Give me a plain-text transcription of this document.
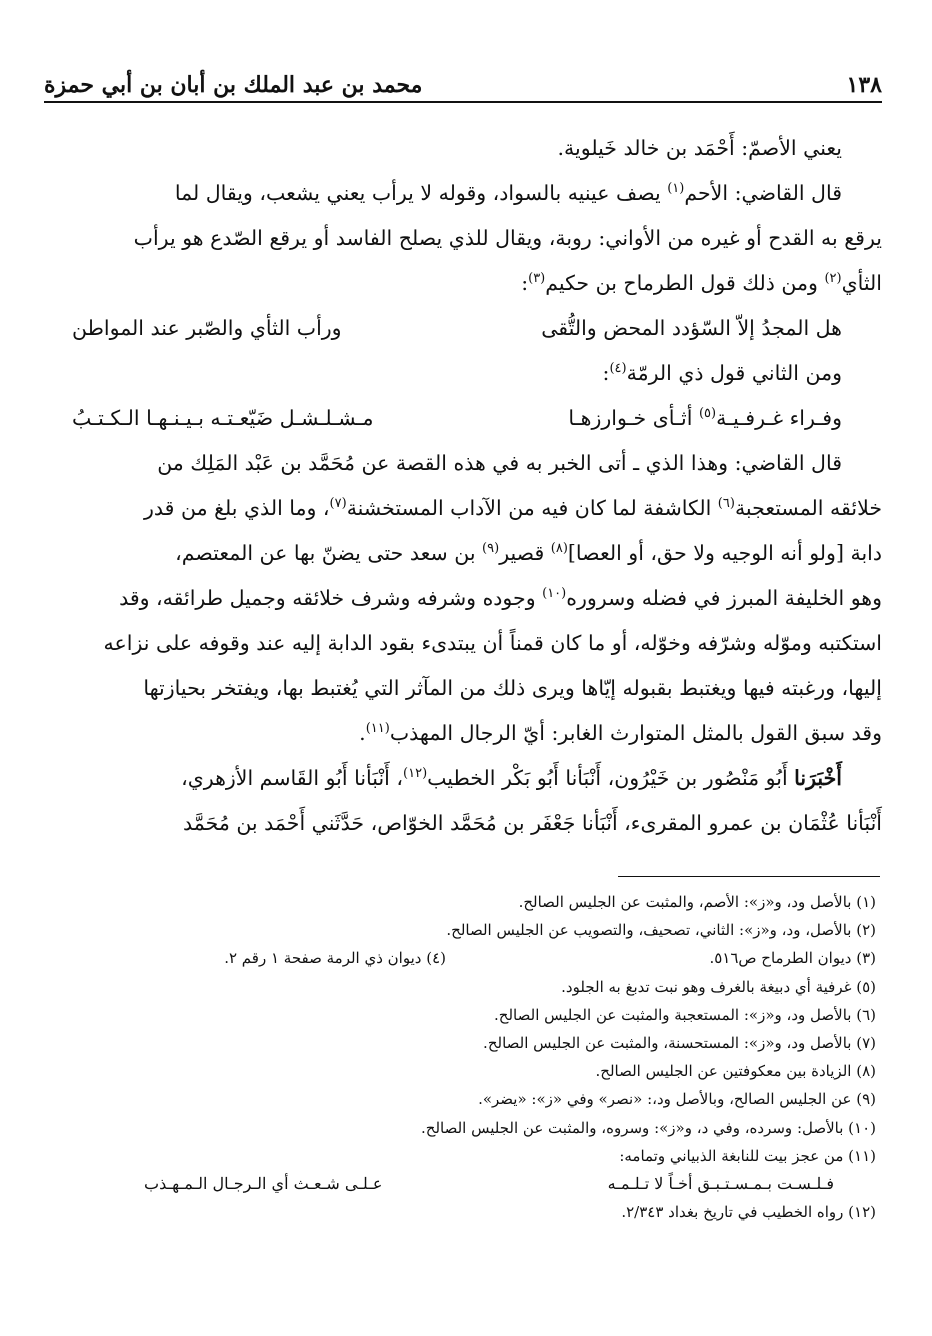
١٣٨
محمد بن عبد الملك بن أبان بن أبي حمزة

يعني الأصمّ: أَحْمَد بن خالد خَيلوية.

قال القاضي: الأحم$^{(١)}$ يصف عينيه بالسواد، وقوله لا يرأب يعني يشعب، ويقال لما

يرقع به القدح أو غيره من الأواني: روبة، ويقال للذي يصلح الفاسد أو يرقع الصّدع هو يرأب

الثأي$^{(٢)}$ ومن ذلك قول الطرماح بن حكيم$^{(٣)}$:

هل المجدُ إلاّ السّؤدد المحض والتُّقى
ورأب الثأي والصّبر عند المواطن

ومن الثاني قول ذي الرمّة$^{(٤)}$:

وفـراء غـرفـيـة$^{(٥)}$ أثـأى خـوارزهـا
مـشـلـشـل ضَيّعـتـه بـيـنـهـا الـكـتـبُ

قال القاضي: وهذا الذي ـ أتى الخبر به في هذه القصة عن مُحَمَّد بن عَبْد المَلِك من

خلائقه المستعجبة$^{(٦)}$ الكاشفة لما كان فيه من الآداب المستخشنة$^{(٧)}$، وما الذي بلغ من قدر

دابة [ولو أنه الوجيه ولا حق، أو العصا]$^{(٨)}$ قصير$^{(٩)}$ بن سعد حتى يضنّ بها عن المعتصم،

وهو الخليفة المبرز في فضله وسروره$^{(١٠)}$ وجوده وشرفه وشرف خلائقه وجميل طرائقه، وقد

استكتبه وموّله وشرّفه وخوّله، أو ما كان قمناً أن يبتدىء بقود الدابة إليه عند وقوفه على نزاعه

إليها، ورغبته فيها ويغتبط بقبوله إيّاها ويرى ذلك من المآثر التي يُغتبط بها، ويفتخر بحيازتها

وقد سبق القول بالمثل المتوارث الغابر: أيّ الرجال المهذب$^{(١١)}$.

أَخْبَرَنا أَبُو مَنْصُور بن خَيْرُون، أَنْبَأنا أَبُو بَكْر الخطيب$^{(١٢)}$، أَنْبَأنا أَبُو القَاسم الأزهري،

أَنْبَأنا عُثْمَان بن عمرو المقرىء، أَنْبَأنا جَعْفَر بن مُحَمَّد الخوّاص، حَدَّثَني أَحْمَد بن مُحَمَّد

(١) بالأصل ود، و«ز»: الأصم، والمثبت عن الجليس الصالح.
(٢) بالأصل، ود، و«ز»: الثاني، تصحيف، والتصويب عن الجليس الصالح.
(٣) ديوان الطرماح ص٥١٦.
(٤) ديوان ذي الرمة صفحة ١ رقم ٢.
(٥) غرفية أي دبيغة بالغرف وهو نبت تدبغ به الجلود.
(٦) بالأصل ود، و«ز»: المستعجبة والمثبت عن الجليس الصالح.
(٧) بالأصل ود، و«ز»: المستحسنة، والمثبت عن الجليس الصالح.
(٨) الزيادة بين معكوفتين عن الجليس الصالح.
(٩) عن الجليس الصالح، وبالأصل ود،: «نصر» وفي «ز»: «يضر».
(١٠) بالأصل: وسرده، وفي د، و«ز»: وسروه، والمثبت عن الجليس الصالح.
(١١) من عجز بيت للنابغة الذبياني وتمامه:
فـلـسـت بـمـسـتـبـق أخـاً لا تـلـمـه
عـلـى شـعـث أي الـرجـال الـمـهـذب
(١٢) رواه الخطيب في تاريخ بغداد ٢/٣٤٣.
